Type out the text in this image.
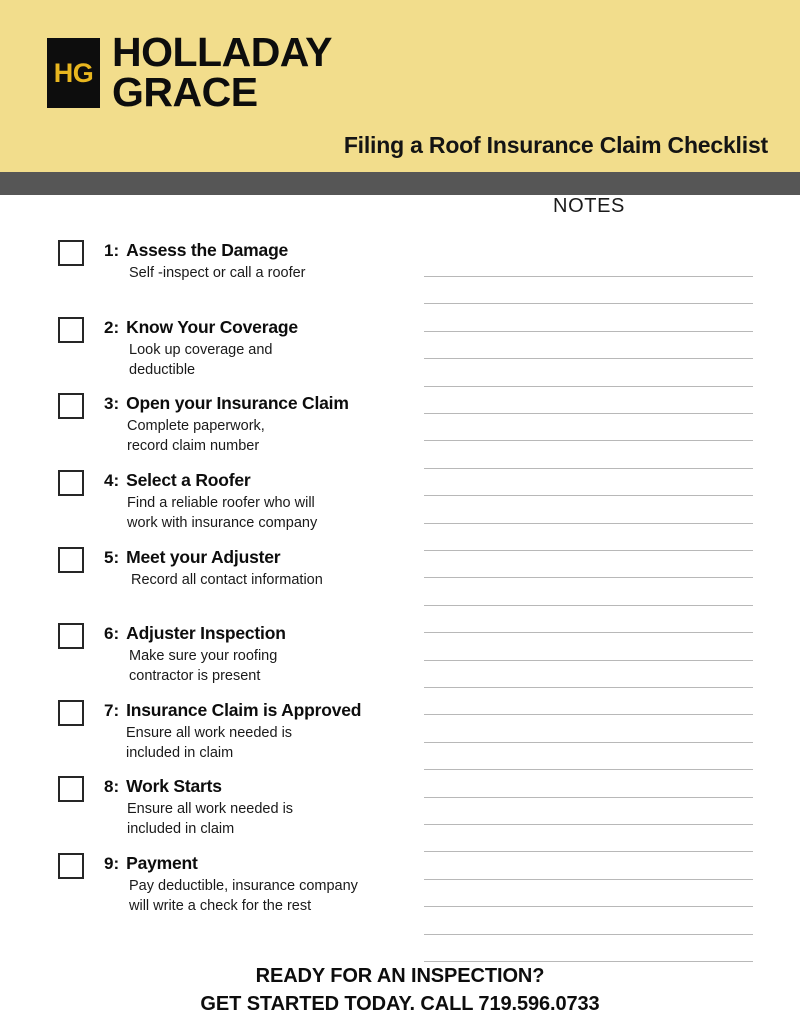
HG HOLLADAY
GRACE
Filing a Roof Insurance Claim Checklist
1: Assess the Damage
Self -inspect or call a roofer
2: Know Your Coverage
Look up coverage and
deductible
3: Open your Insurance Claim
Complete paperwork,
record claim number
4: Select a Roofer
Find a reliable roofer who will
work with insurance company
5: Meet your Adjuster
Record all contact information
6: Adjuster Inspection
Make sure your roofing
contractor is present
7: Insurance Claim is Approved
Ensure all work needed is
included in claim
8: Work Starts
Ensure all work needed is
included in claim
9: Payment
Pay deductible, insurance company
will write a check for the rest
NOTES
READY FOR AN INSPECTION?
GET STARTED TODAY. CALL 719.596.0733
